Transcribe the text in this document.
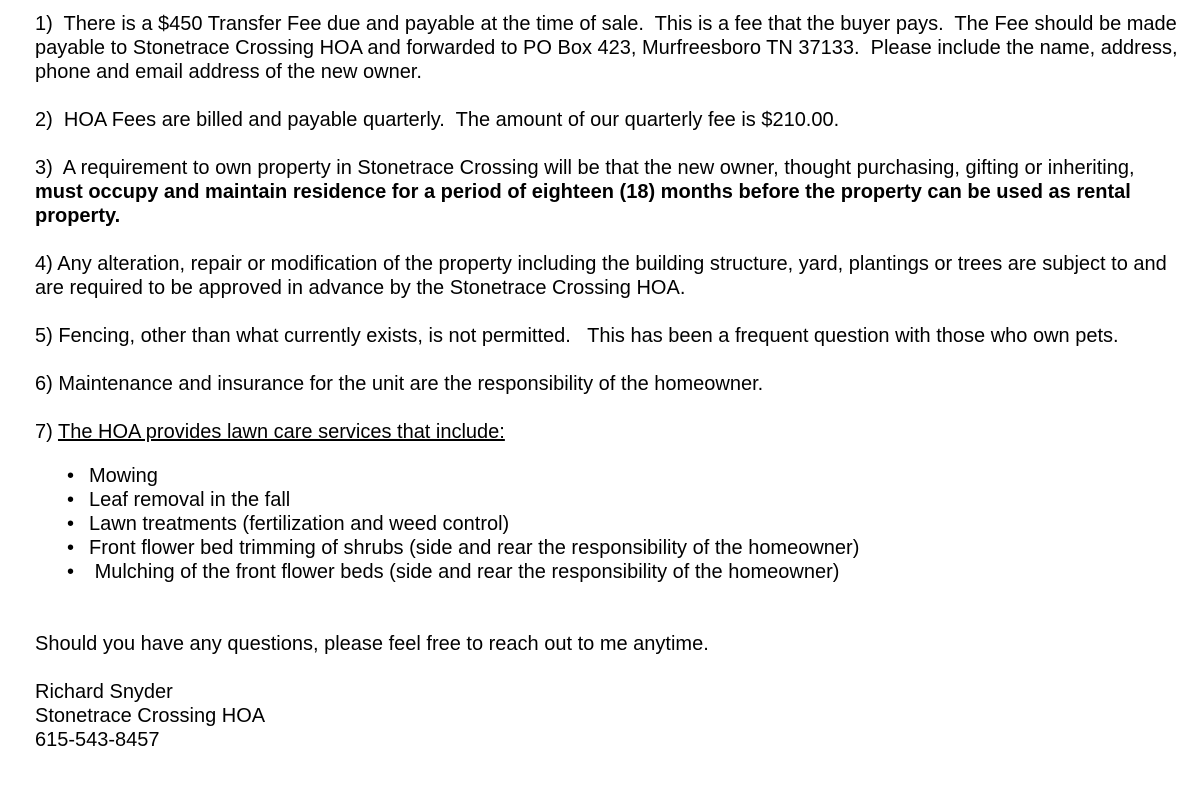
1)  There is a $450 Transfer Fee due and payable at the time of sale.  This is a fee that the buyer pays.  The Fee should be made payable to Stonetrace Crossing HOA and forwarded to PO Box 423, Murfreesboro TN 37133.  Please include the name, address, phone and email address of the new owner.

2)  HOA Fees are billed and payable quarterly.  The amount of our quarterly fee is $210.00.

3)  A requirement to own property in Stonetrace Crossing will be that the new owner, thought purchasing, gifting or inheriting, must occupy and maintain residence for a period of eighteen (18) months before the property can be used as rental property.

4) Any alteration, repair or modification of the property including the building structure, yard, plantings or trees are subject to and are required to be approved in advance by the Stonetrace Crossing HOA.

5) Fencing, other than what currently exists, is not permitted.   This has been a frequent question with those who own pets.

6) Maintenance and insurance for the unit are the responsibility of the homeowner.

7) The HOA provides lawn care services that include:

• Mowing
• Leaf removal in the fall
• Lawn treatments (fertilization and weed control)
• Front flower bed trimming of shrubs (side and rear the responsibility of the homeowner)
• Mulching of the front flower beds (side and rear the responsibility of the homeowner)

Should you have any questions, please feel free to reach out to me anytime.

Richard Snyder
Stonetrace Crossing HOA
615-543-8457
